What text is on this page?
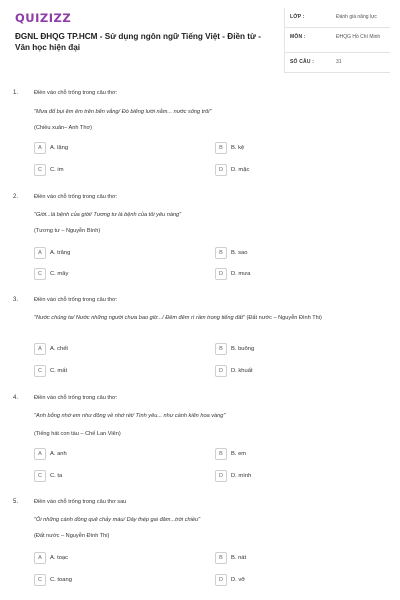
QUIZIZZ
ĐGNL ĐHQG TP.HCM - Sử dụng ngôn ngữ Tiếng Việt - Điền từ - Văn học hiện đại
LỚP :	Đánh giá năng lực
MÔN :	ĐHQG Hồ Chí Minh
SỐ CÂU :	31
1.	Điền vào chỗ trống trong câu thơ:
"Mưa đổ bụi êm êm trên bến vắng/ Đò biếng lười nằm... nước sông trôi"
(Chiều xuân– Anh Thơ)
A	A. lặng	B	B. kệ
C	C. im	D	D. mặc
2.	Điền vào chỗ trống trong câu thơ:
"Giời...là bệnh của giời/ Tương tư là bệnh của tôi yêu nàng"
(Tương tư – Nguyễn Bính)
A	A. trăng	B	B. sao
C	C. mây	D	D. mưa
3.	Điền vào chỗ trống trong câu thơ:
"Nước chúng ta/ Nước những người chưa bao giờ.../ Đêm đêm rì rầm trong tiếng đất" (Đất nước – Nguyễn Đình Thi)
A	A. chết	B	B. buông
C	C. mất	D	D. khuất
4.	Điền vào chỗ trống trong câu thơ:
"Anh bỗng nhớ em như đông về nhớ rét/ Tình yêu... như cánh kiến hoa vàng"
(Tiếng hát con tàu – Chế Lan Viên)
A	A. anh	B	B. em
C	C. ta	D	D. mình
5.	Điền vào chỗ trống trong câu thơ sau
"Ôi những cánh đồng quê chảy máu/ Dây thép gai đâm...trời chiều"
(Đất nước – Nguyễn Đình Thi)
A	A. toạc	B	B. nát
C	C. toang	D	D. vỡ
